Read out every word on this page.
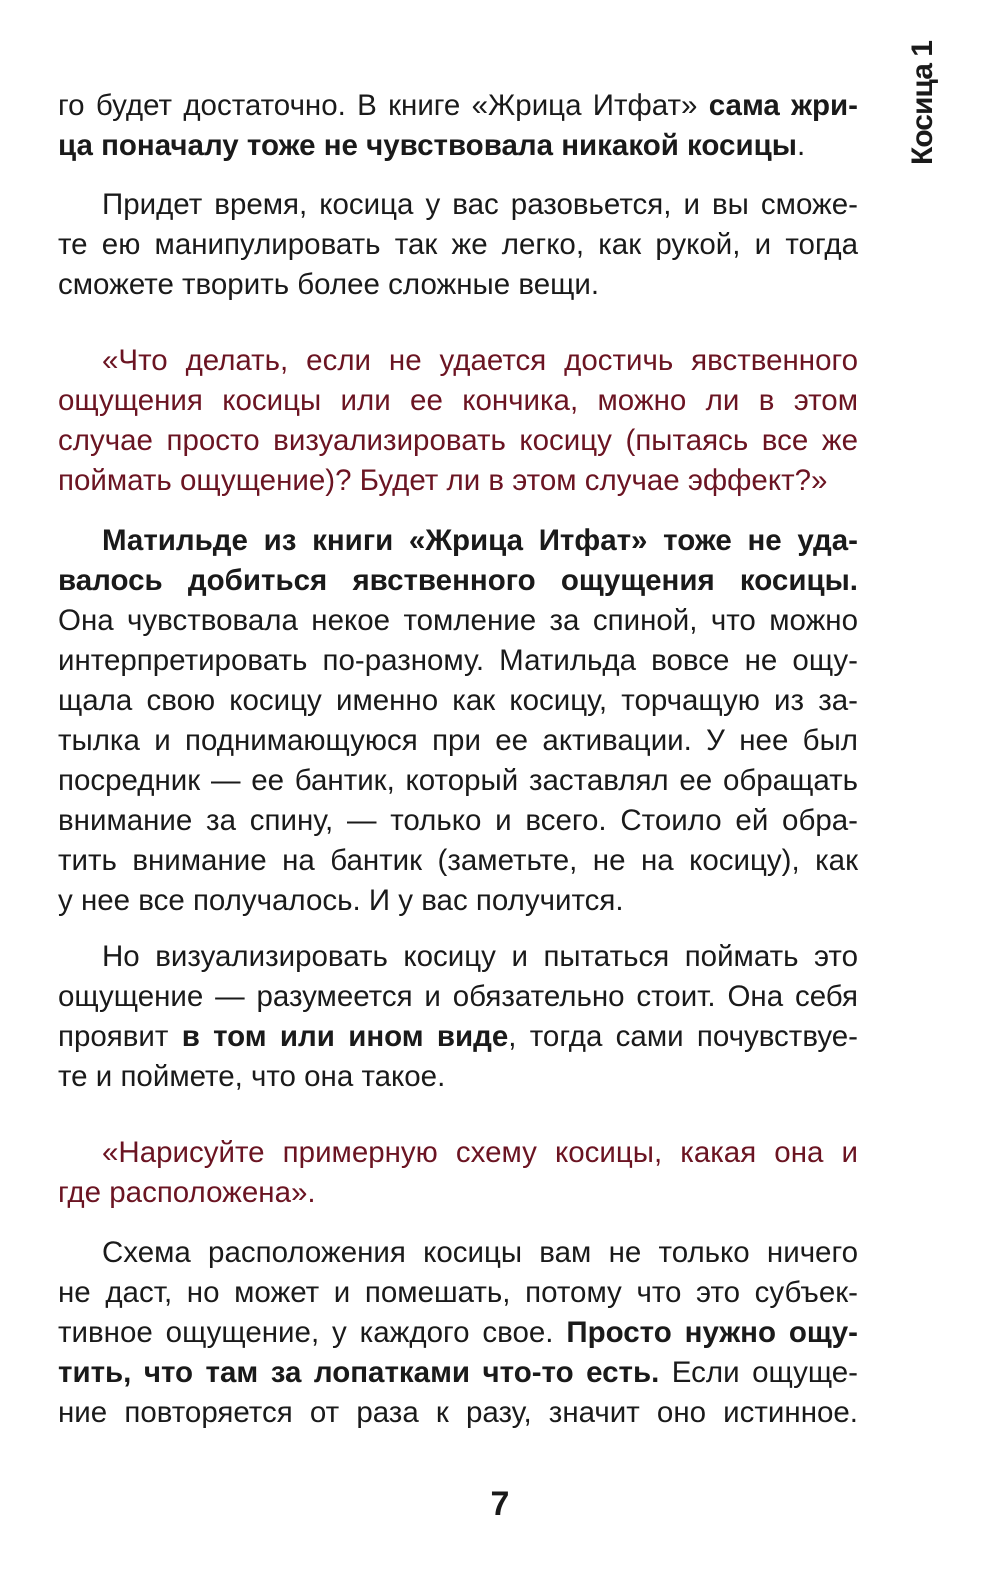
Косица 1
го будет достаточно. В книге «Жрица Итфат» сама жри-
ца поначалу тоже не чувствовала никакой косицы.
Придет время, косица у вас разовьется, и вы сможе-
те ею манипулировать так же легко, как рукой, и тогда
сможете творить более сложные вещи.
«Что делать, если не удается достичь явственного
ощущения косицы или ее кончика, можно ли в этом
случае просто визуализировать косицу (пытаясь все же
поймать ощущение)? Будет ли в этом случае эффект?»
Матильде из книги «Жрица Итфат» тоже не уда-
валось добиться явственного ощущения косицы.
Она чувствовала некое томление за спиной, что можно
интерпретировать по-разному. Матильда вовсе не ощу-
щала свою косицу именно как косицу, торчащую из за-
тылка и поднимающуюся при ее активации. У нее был
посредник — ее бантик, который заставлял ее обращать
внимание за спину, — только и всего. Стоило ей обра-
тить внимание на бантик (заметьте, не на косицу), как
у нее все получалось. И у вас получится.
Но визуализировать косицу и пытаться поймать это
ощущение — разумеется и обязательно стоит. Она себя
проявит в том или ином виде, тогда сами почувствуе-
те и поймете, что она такое.
«Нарисуйте примерную схему косицы, какая она и
где расположена».
Схема расположения косицы вам не только ничего
не даст, но может и помешать, потому что это субъек-
тивное ощущение, у каждого свое. Просто нужно ощу-
тить, что там за лопатками что-то есть. Если ощуще-
ние повторяется от раза к разу, значит оно истинное.
7
